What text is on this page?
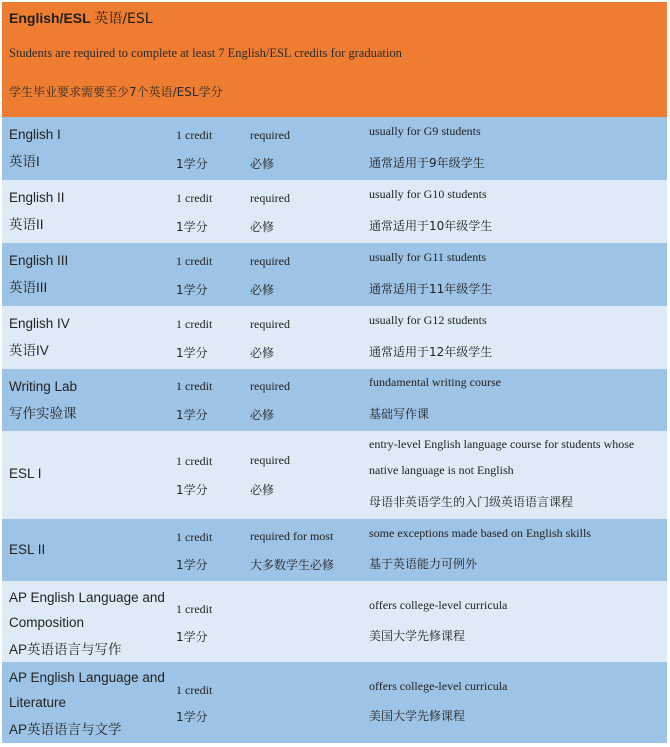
English/ESL 英语/ESL
Students are required to complete at least 7 English/ESL credits for graduation
学生毕业要求需要至少7个英语/ESL学分
English I
英语I
1 credit
1学分
required
必修
usually for G9 students
通常适用于9年级学生
English II
英语II
1 credit
1学分
required
必修
usually for G10 students
通常适用于10年级学生
English III
英语III
1 credit
1学分
required
必修
usually for G11 students
通常适用于11年级学生
English IV
英语IV
1 credit
1学分
required
必修
usually for G12 students
通常适用于12年级学生
Writing Lab
写作实验课
1 credit
1学分
required
必修
fundamental writing course
基础写作课
ESL I
1 credit
1学分
required
必修
entry-level English language course for students whose
native language is not English
母语非英语学生的入门级英语语言课程
ESL II
1 credit
1学分
required for most
大多数学生必修
some exceptions made based on English skills
基于英语能力可例外
AP English Language and
Composition
AP英语语言与写作
1 credit
1学分
offers college-level curricula
美国大学先修课程
AP English Language and
Literature
AP英语语言与文学
1 credit
1学分
offers college-level curricula
美国大学先修课程
